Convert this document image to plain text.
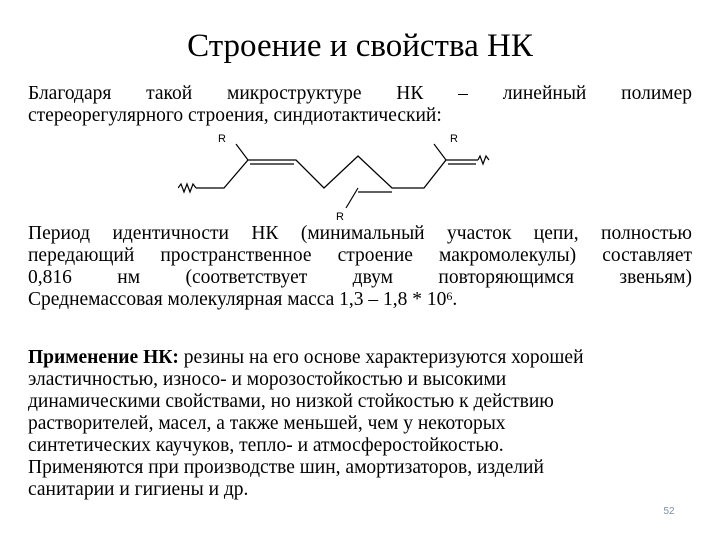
Строение и свойства НК
Благодаря такой микроструктуре НК – линейный полимер
стереорегулярного строения, синдиотактический:
R
R
R
Период идентичности НК (минимальный участок цепи, полностью
передающий пространственное строение макромолекулы) составляет
0,816 нм (соответствует двум повторяющимся звеньям)
Среднемассовая молекулярная масса $1,3 - 1,8 * 10^6$.
Применение НК: резины на его основе характеризуются хорошей
эластичностью, износо- и морозостойкостью и высокими
динамическими свойствами, но низкой стойкостью к действию
растворителей, масел, а также меньшей, чем у некоторых
синтетических каучуков, тепло- и атмосферостойкостью.
Применяются при производстве шин, амортизаторов, изделий
санитарии и гигиены и др.
52
